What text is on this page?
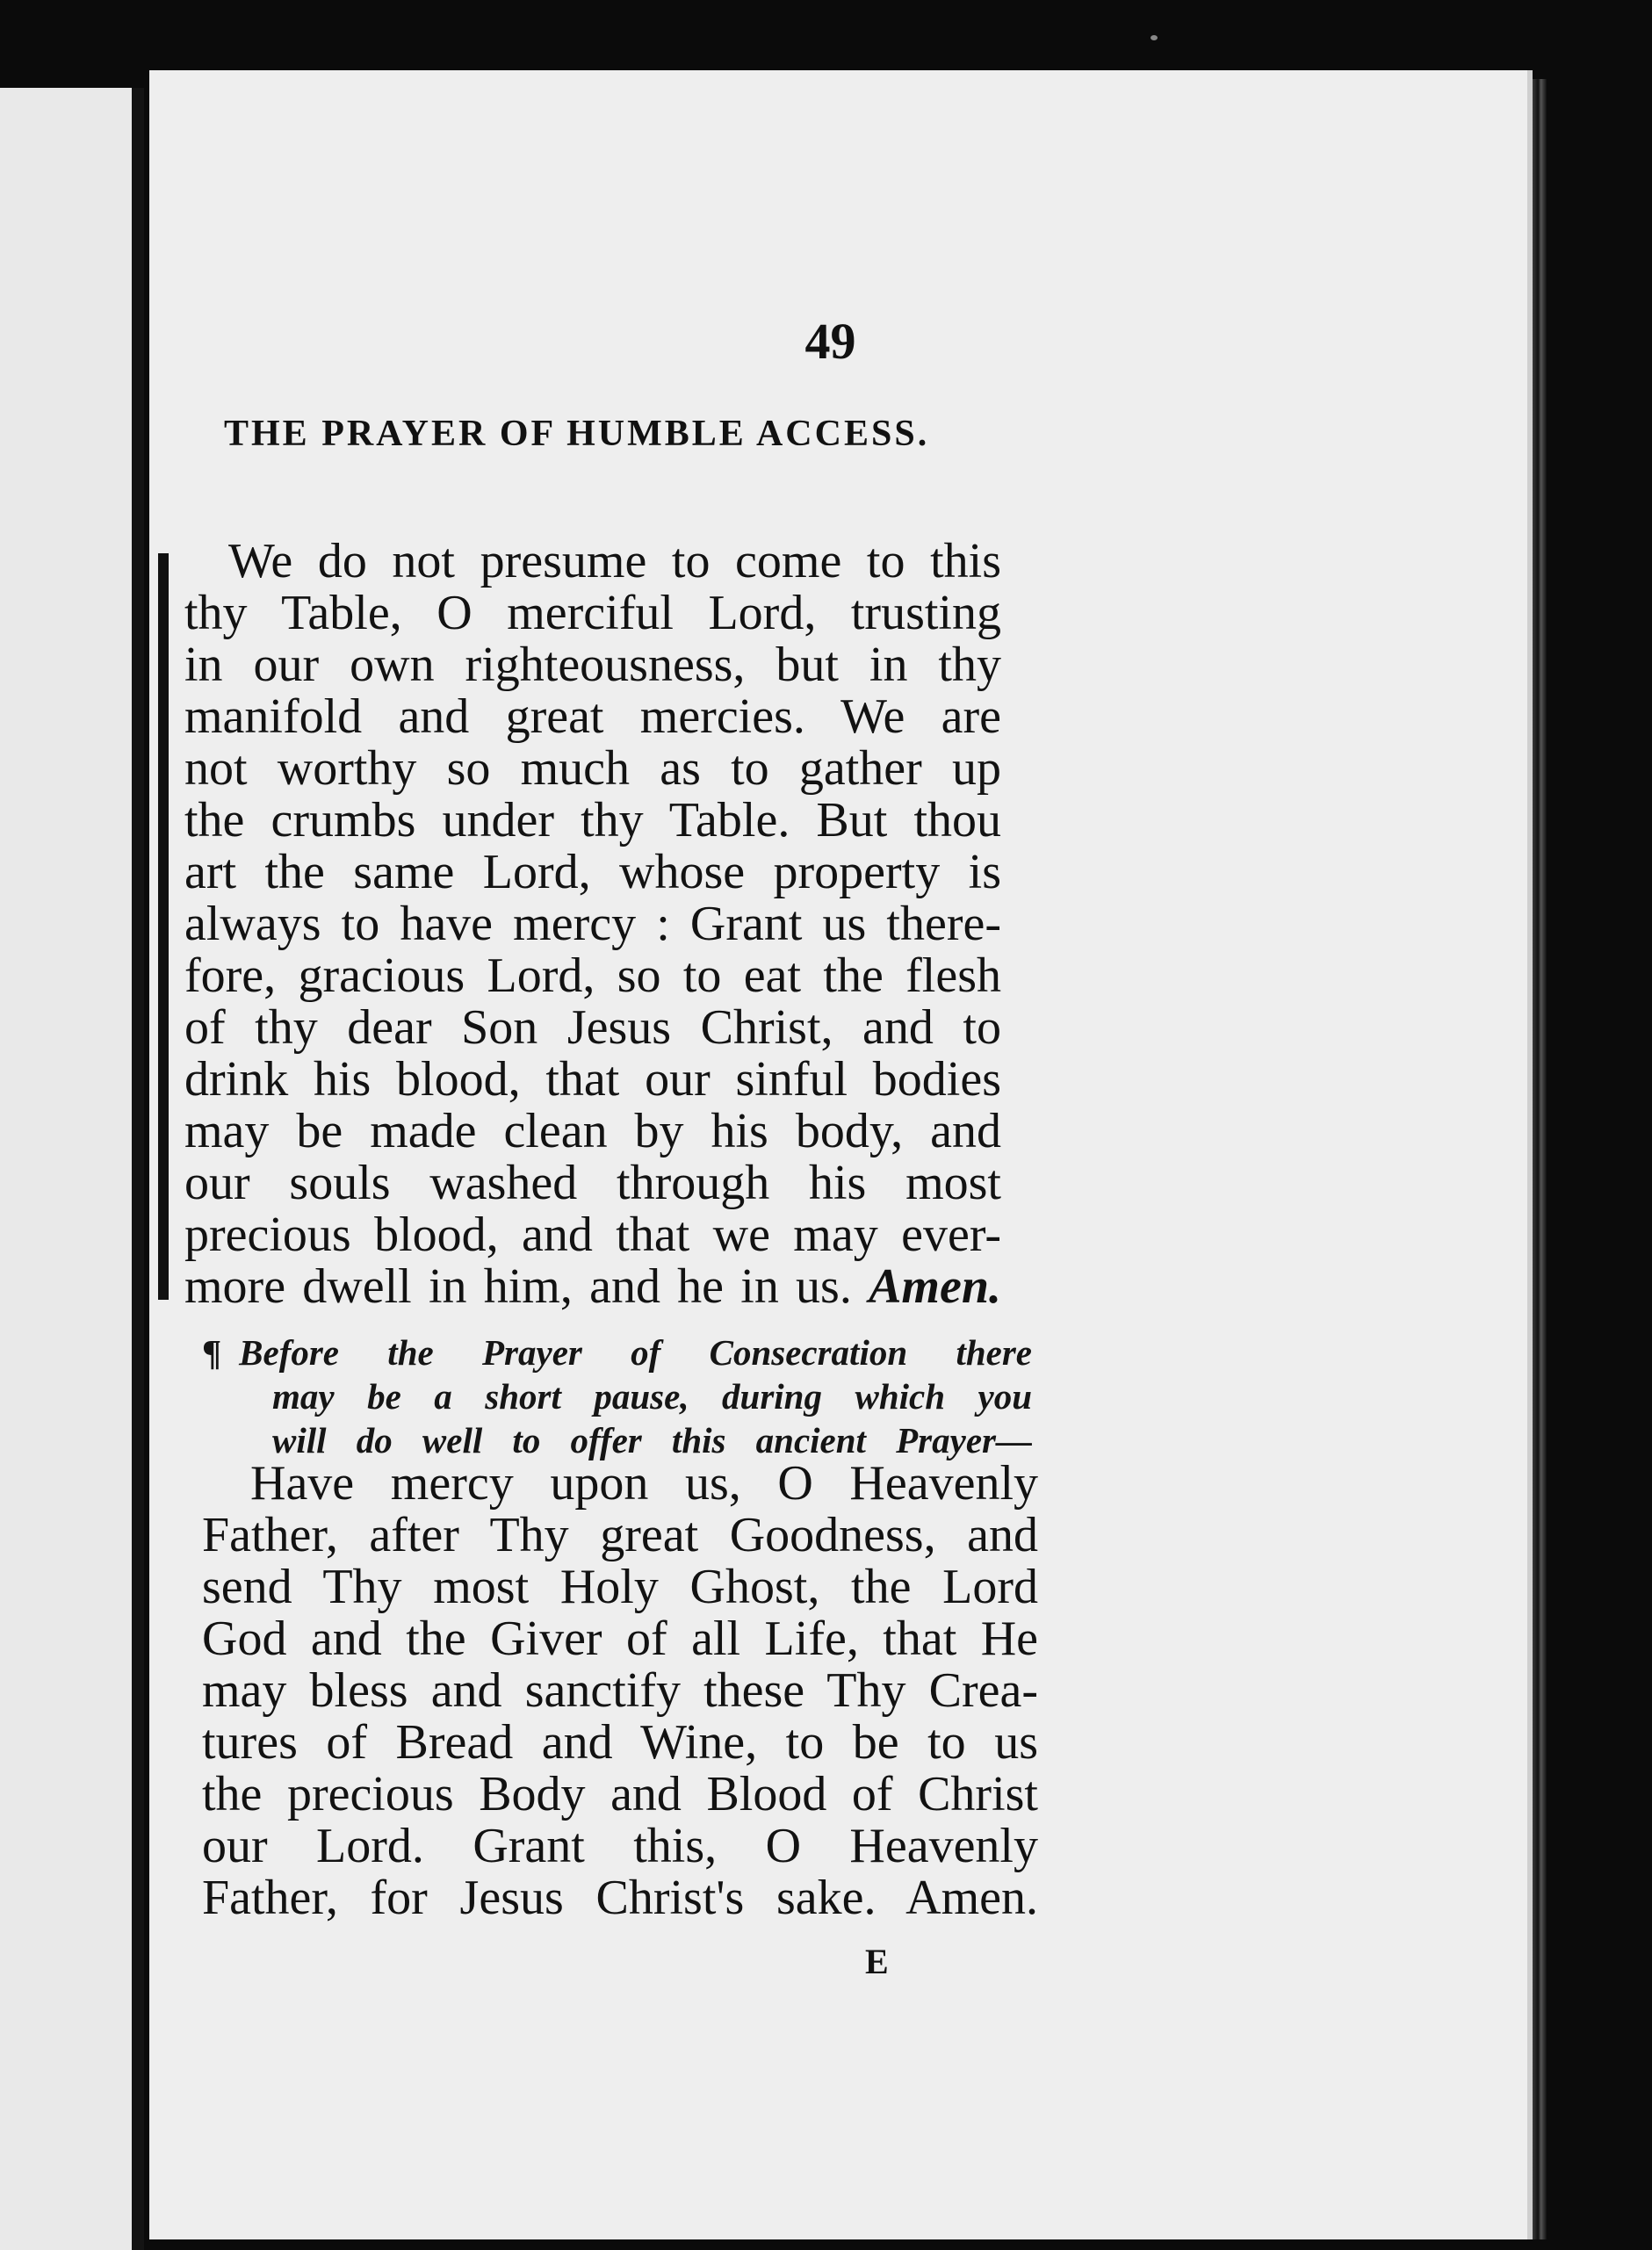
49
THE PRAYER OF HUMBLE ACCESS.
We do not presume to come to this
thy Table, O merciful Lord, trusting
in our own righteousness, but in thy
manifold and great mercies. We are
not worthy so much as to gather up
the crumbs under thy Table. But thou
art the same Lord, whose property is
always to have mercy : Grant us there-
fore, gracious Lord, so to eat the flesh
of thy dear Son Jesus Christ, and to
drink his blood, that our sinful bodies
may be made clean by his body, and
our souls washed through his most
precious blood, and that we may ever-
more dwell in him, and he in us. Amen.
¶ Before the Prayer of Consecration there
may be a short pause, during which you
will do well to offer this ancient Prayer—
Have mercy upon us, O Heavenly
Father, after Thy great Goodness, and
send Thy most Holy Ghost, the Lord
God and the Giver of all Life, that He
may bless and sanctify these Thy Crea-
tures of Bread and Wine, to be to us
the precious Body and Blood of Christ
our Lord. Grant this, O Heavenly
Father, for Jesus Christ's sake. Amen.
E
